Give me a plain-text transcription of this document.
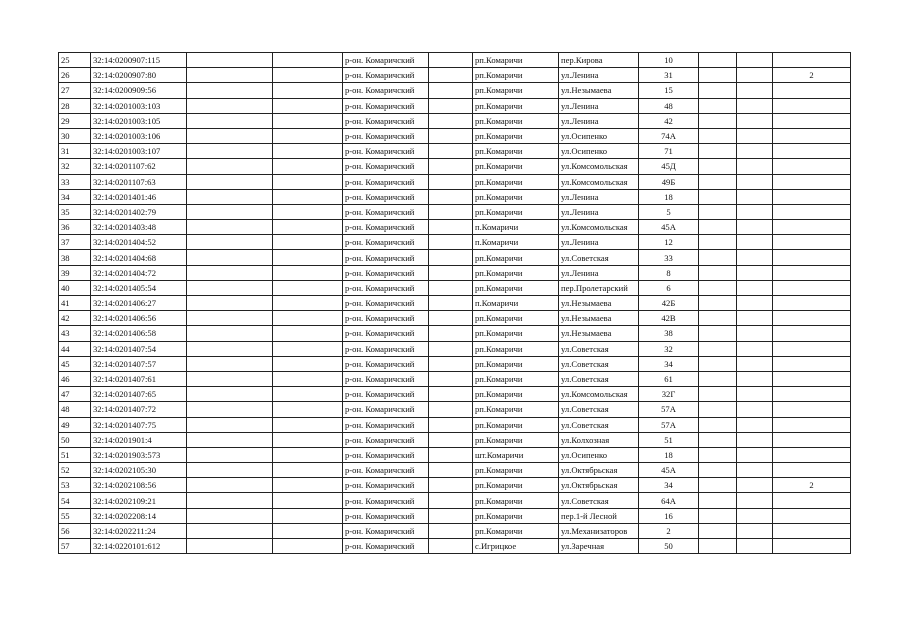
25	32:14:0200907:115			р-он. Комаричский		рп.Комаричи	пер.Кирова	10			
26	32:14:0200907:80			р-он. Комаричский		рп.Комаричи	ул.Ленина	31			2
27	32:14:0200909:56			р-он. Комаричский		рп.Комаричи	ул.Незымаева	15			
28	32:14:0201003:103			р-он. Комаричский		рп.Комаричи	ул.Ленина	48			
29	32:14:0201003:105			р-он. Комаричский		рп.Комаричи	ул.Ленина	42			
30	32:14:0201003:106			р-он. Комаричский		рп.Комаричи	ул.Осипенко	74А			
31	32:14:0201003:107			р-он. Комаричский		рп.Комаричи	ул.Осипенко	71			
32	32:14:0201107:62			р-он. Комаричский		рп.Комаричи	ул.Комсомольская	45Д			
33	32:14:0201107:63			р-он. Комаричский		рп.Комаричи	ул.Комсомольская	49Б			
34	32:14:0201401:46			р-он. Комаричский		рп.Комаричи	ул.Ленина	18			
35	32:14:0201402:79			р-он. Комаричский		рп.Комаричи	ул.Ленина	5			
36	32:14:0201403:48			р-он. Комаричский		п.Комаричи	ул.Комсомольская	45А			
37	32:14:0201404:52			р-он. Комаричский		п.Комаричи	ул.Ленина	12			
38	32:14:0201404:68			р-он. Комаричский		рп.Комаричи	ул.Советская	33			
39	32:14:0201404:72			р-он. Комаричский		рп.Комаричи	ул.Ленина	8			
40	32:14:0201405:54			р-он. Комаричский		рп.Комаричи	пер.Пролетарский	6			
41	32:14:0201406:27			р-он. Комаричский		п.Комаричи	ул.Незымаева	42Б			
42	32:14:0201406:56			р-он. Комаричский		рп.Комаричи	ул.Незымаева	42В			
43	32:14:0201406:58			р-он. Комаричский		рп.Комаричи	ул.Незымаева	38			
44	32:14:0201407:54			р-он. Комаричский		рп.Комаричи	ул.Советская	32			
45	32:14:0201407:57			р-он. Комаричский		рп.Комаричи	ул.Советская	34			
46	32:14:0201407:61			р-он. Комаричский		рп.Комаричи	ул.Советская	61			
47	32:14:0201407:65			р-он. Комаричский		рп.Комаричи	ул.Комсомольская	32Г			
48	32:14:0201407:72			р-он. Комаричский		рп.Комаричи	ул.Советская	57А			
49	32:14:0201407:75			р-он. Комаричский		рп.Комаричи	ул.Советская	57А			
50	32:14:0201901:4			р-он. Комаричский		рп.Комаричи	ул.Колхозная	51			
51	32:14:0201903:573			р-он. Комаричский		шт.Комаричи	ул.Осипенко	18			
52	32:14:0202105:30			р-он. Комаричский		рп.Комаричи	ул.Октябрьская	45А			
53	32:14:0202108:56			р-он. Комаричский		рп.Комаричи	ул.Октябрьская	34			2
54	32:14:0202109:21			р-он. Комаричский		рп.Комаричи	ул.Советская	64А			
55	32:14:0202208:14			р-он. Комаричский		рп.Комаричи	пер.1-й Лесной	16			
56	32:14:0202211:24			р-он. Комаричский		рп.Комаричи	ул.Механизаторов	2			
57	32:14:0220101:612			р-он. Комаричский		с.Игрицкое	ул.Заречная	50			
